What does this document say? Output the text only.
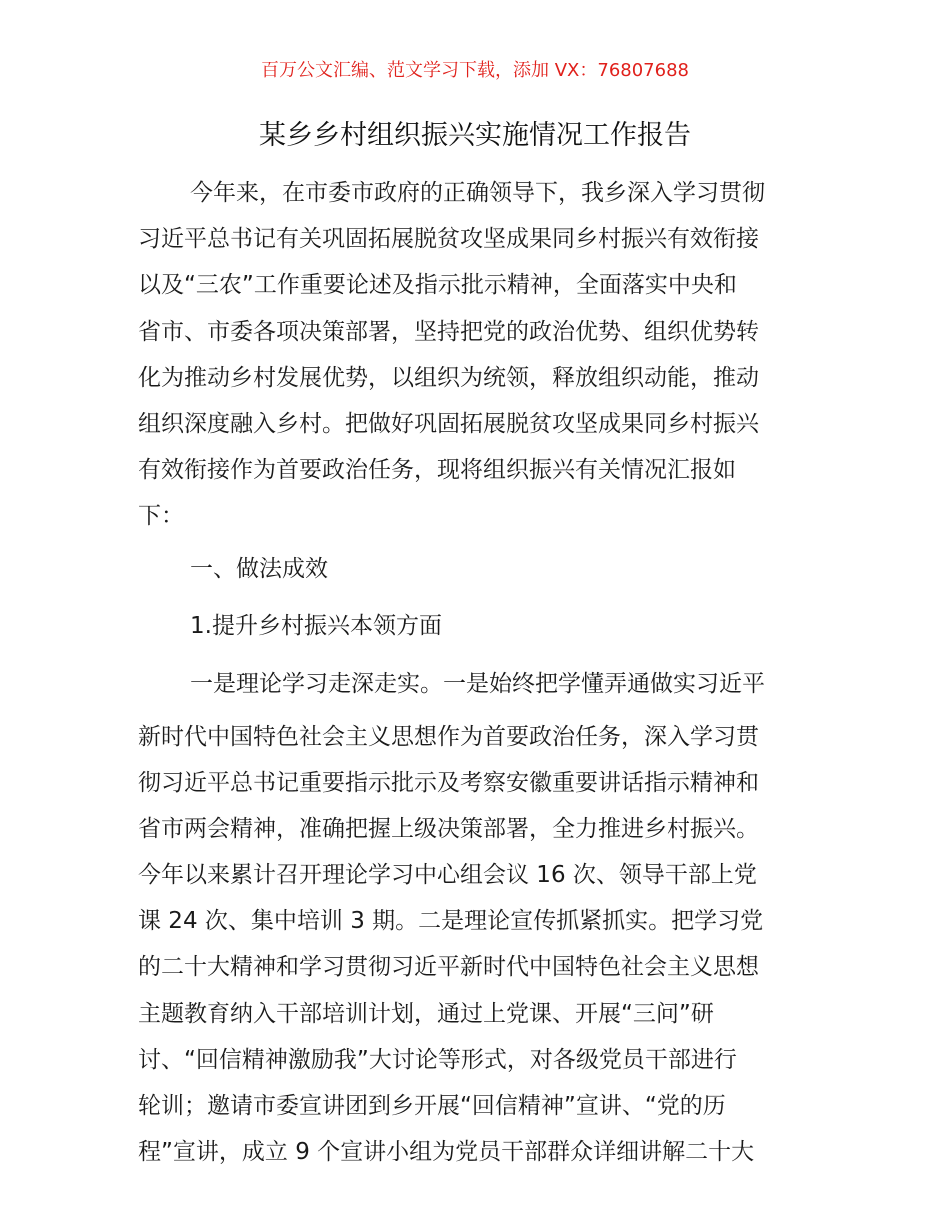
百万公文汇编、范文学习下载，添加 VX：76807688
某乡乡村组织振兴实施情况工作报告
今年来，在市委市政府的正确领导下，我乡深入学习贯彻
习近平总书记有关巩固拓展脱贫攻坚成果同乡村振兴有效衔接
以及“三农”工作重要论述及指示批示精神，全面落实中央和
省市、市委各项决策部署，坚持把党的政治优势、组织优势转
化为推动乡村发展优势，以组织为统领，释放组织动能，推动
组织深度融入乡村。把做好巩固拓展脱贫攻坚成果同乡村振兴
有效衔接作为首要政治任务，现将组织振兴有关情况汇报如
下：
一、做法成效
1.提升乡村振兴本领方面
一是理论学习走深走实。一是始终把学懂弄通做实习近平
新时代中国特色社会主义思想作为首要政治任务，深入学习贯
彻习近平总书记重要指示批示及考察安徽重要讲话指示精神和
省市两会精神，准确把握上级决策部署，全力推进乡村振兴。
今年以来累计召开理论学习中心组会议 16 次、领导干部上党
课 24 次、集中培训 3 期。二是理论宣传抓紧抓实。把学习党
的二十大精神和学习贯彻习近平新时代中国特色社会主义思想
主题教育纳入干部培训计划，通过上党课、开展“三问”研
讨、“回信精神激励我”大讨论等形式，对各级党员干部进行
轮训；邀请市委宣讲团到乡开展“回信精神”宣讲、“党的历
程”宣讲，成立 9 个宣讲小组为党员干部群众详细讲解二十大
